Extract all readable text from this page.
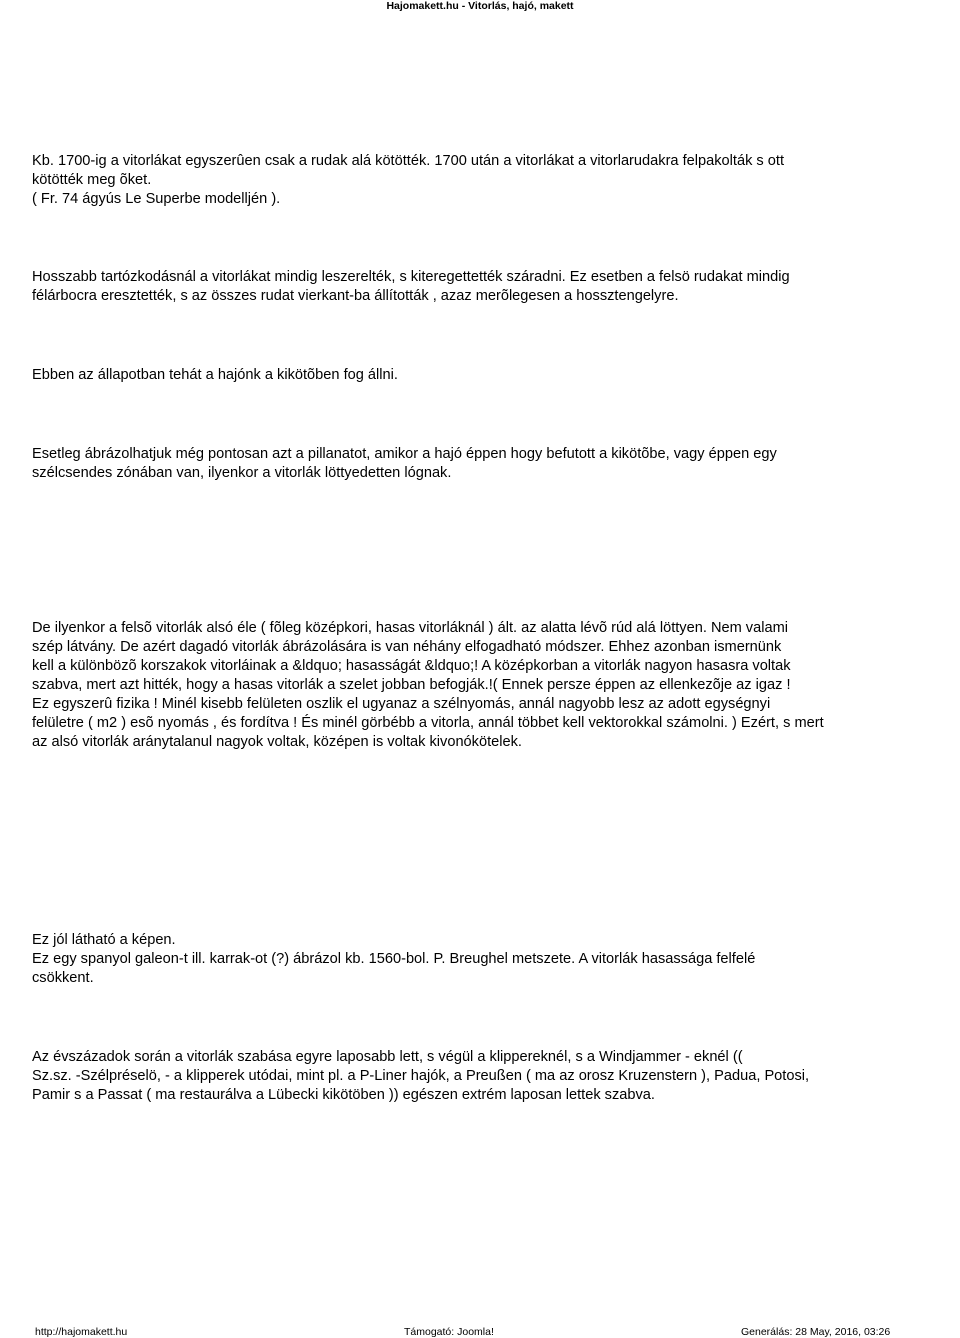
Hajomakett.hu - Vitorlás, hajó, makett

Kb. 1700-ig a vitorlákat egyszerûen csak a rudak alá kötötték. 1700 után a vitorlákat a vitorlarudakra felpakolták s ott
kötötték meg õket.
( Fr. 74 ágyús Le Superbe modelljén ).

Hosszabb tartózkodásnál a vitorlákat mindig leszerelték, s kiteregettették száradni. Ez esetben a felsö rudakat mindig
félárbocra eresztették, s az összes rudat vierkant-ba állították , azaz merõlegesen a hossztengelyre.

Ebben az állapotban tehát a hajónk a kikötõben fog állni.

Esetleg ábrázolhatjuk még pontosan azt a pillanatot, amikor a hajó éppen hogy befutott a kikötõbe, vagy éppen egy
szélcsendes zónában van, ilyenkor a vitorlák löttyedetten lógnak.

De ilyenkor a felsõ vitorlák alsó éle ( fõleg középkori, hasas vitorláknál ) ált. az alatta lévõ rúd alá löttyen. Nem valami
szép látvány. De azért dagadó vitorlák ábrázolására is van néhány elfogadható módszer. Ehhez azonban ismernünk
kell a különbözõ korszakok vitorláinak a &ldquo; hasasságát &ldquo;! A középkorban a vitorlák nagyon hasasra voltak
szabva, mert azt hitték, hogy a hasas vitorlák a szelet jobban befogják.!( Ennek persze éppen az ellenkezõje az igaz !
Ez egyszerû fizika ! Minél kisebb felületen oszlik el ugyanaz a szélnyomás, annál nagyobb lesz az adott egységnyi
felületre ( m2 ) esõ nyomás , és fordítva ! És minél görbébb a vitorla, annál többet kell vektorokkal számolni. ) Ezért, s mert
az alsó vitorlák aránytalanul nagyok voltak, középen is voltak kivonókötelek.

Ez jól látható a képen.
Ez egy spanyol galeon-t ill. karrak-ot (?) ábrázol kb. 1560-bol. P. Breughel metszete. A vitorlák hasassága felfelé
csökkent.

Az évszázadok során a vitorlák szabása egyre laposabb lett, s végül a klippereknél, s a Windjammer - eknél ((
Sz.sz. -Szélpréselö, - a klipperek utódai, mint pl. a P-Liner hajók, a Preußen ( ma az orosz Kruzenstern ), Padua, Potosi,
Pamir s a Passat ( ma restaurálva a Lübecki kikötöben )) egészen extrém laposan lettek szabva.

http://hajomakett.hu	Támogató: Joomla!	Generálás: 28 May, 2016, 03:26
